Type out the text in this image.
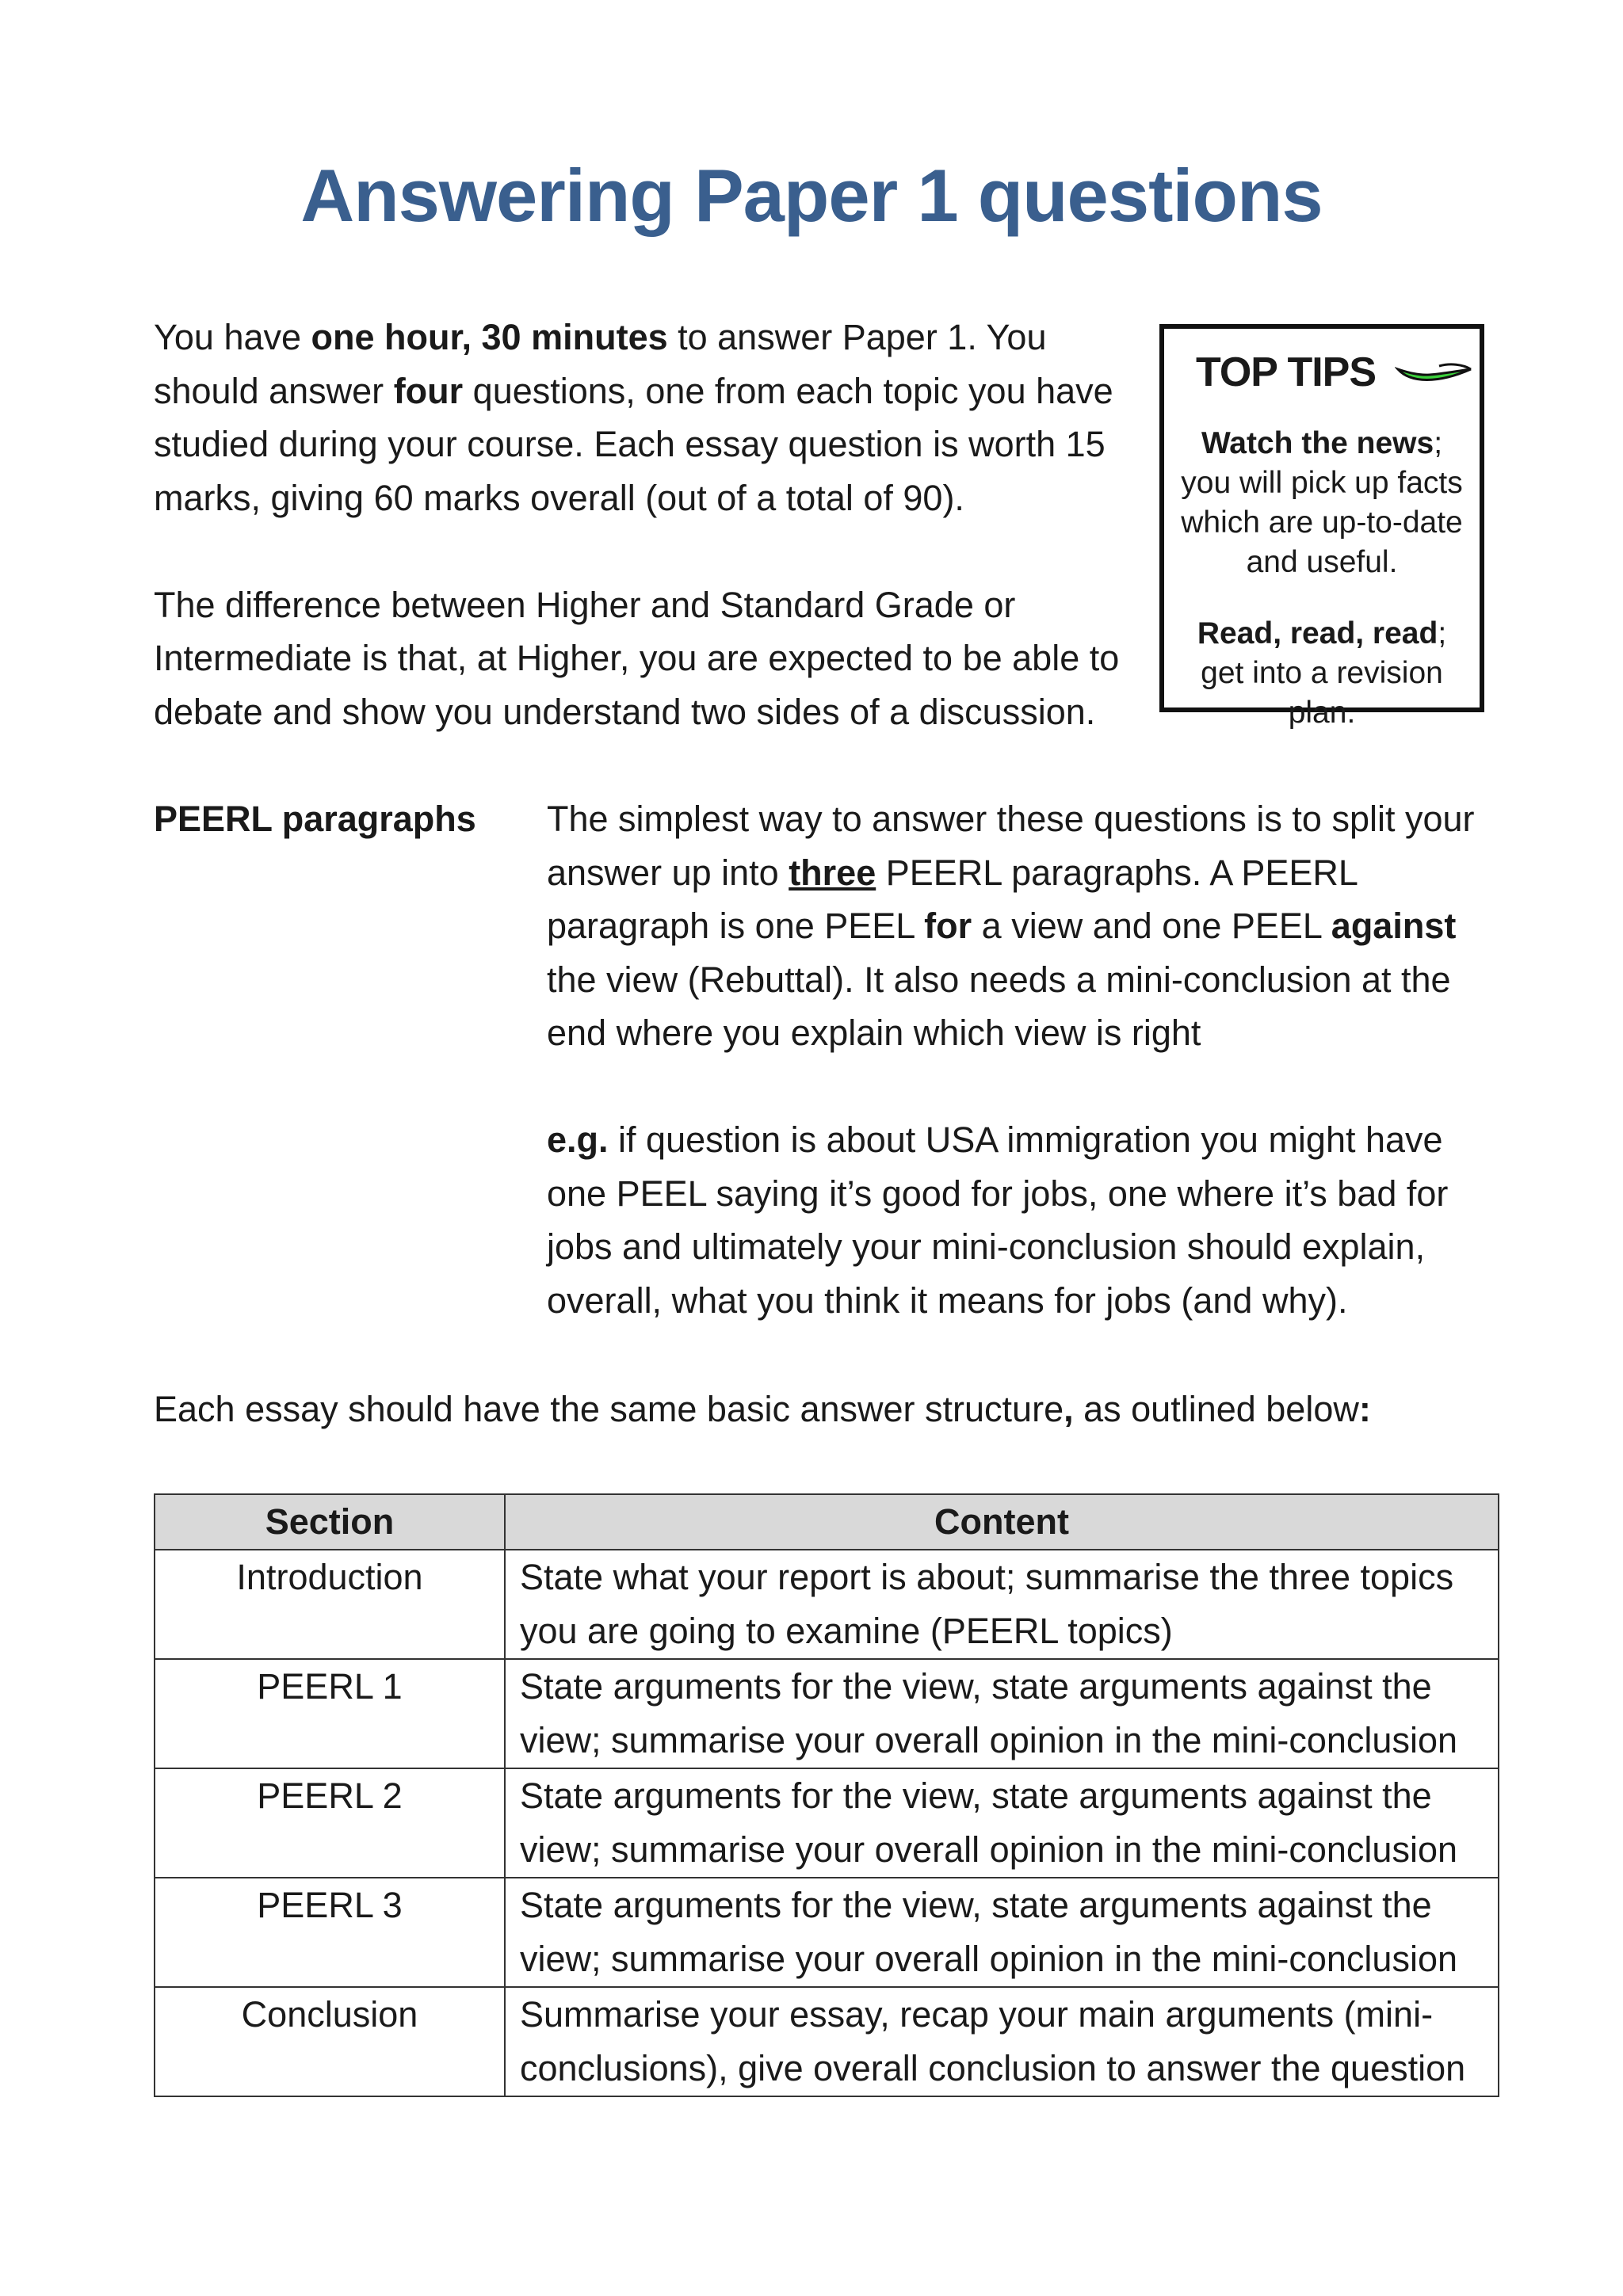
Answering Paper 1 questions

You have one hour, 30 minutes to answer Paper 1. You should answer four questions, one from each topic you have studied during your course. Each essay question is worth 15 marks, giving 60 marks overall (out of a total of 90).

The difference between Higher and Standard Grade or Intermediate is that, at Higher, you are expected to be able to debate and show you understand two sides of a discussion.

TOP TIPS

Watch the news; you will pick up facts which are up-to-date and useful.

Read, read, read; get into a revision plan.

PEERL paragraphs The simplest way to answer these questions is to split your answer up into three PEERL paragraphs. A PEERL paragraph is one PEEL for a view and one PEEL against the view (Rebuttal). It also needs a mini-conclusion at the end where you explain which view is right

e.g. if question is about USA immigration you might have one PEEL saying it’s good for jobs, one where it’s bad for jobs and ultimately your mini-conclusion should explain, overall, what you think it means for jobs (and why).

Each essay should have the same basic answer structure, as outlined below:
Section	Content
Introduction	State what your report is about; summarise the three topics you are going to examine (PEERL topics)
PEERL 1	State arguments for the view, state arguments against the view; summarise your overall opinion in the mini-conclusion
PEERL 2	State arguments for the view, state arguments against the view; summarise your overall opinion in the mini-conclusion
PEERL 3	State arguments for the view, state arguments against the view; summarise your overall opinion in the mini-conclusion
Conclusion	Summarise your essay, recap your main arguments (mini-conclusions), give overall conclusion to answer the question
